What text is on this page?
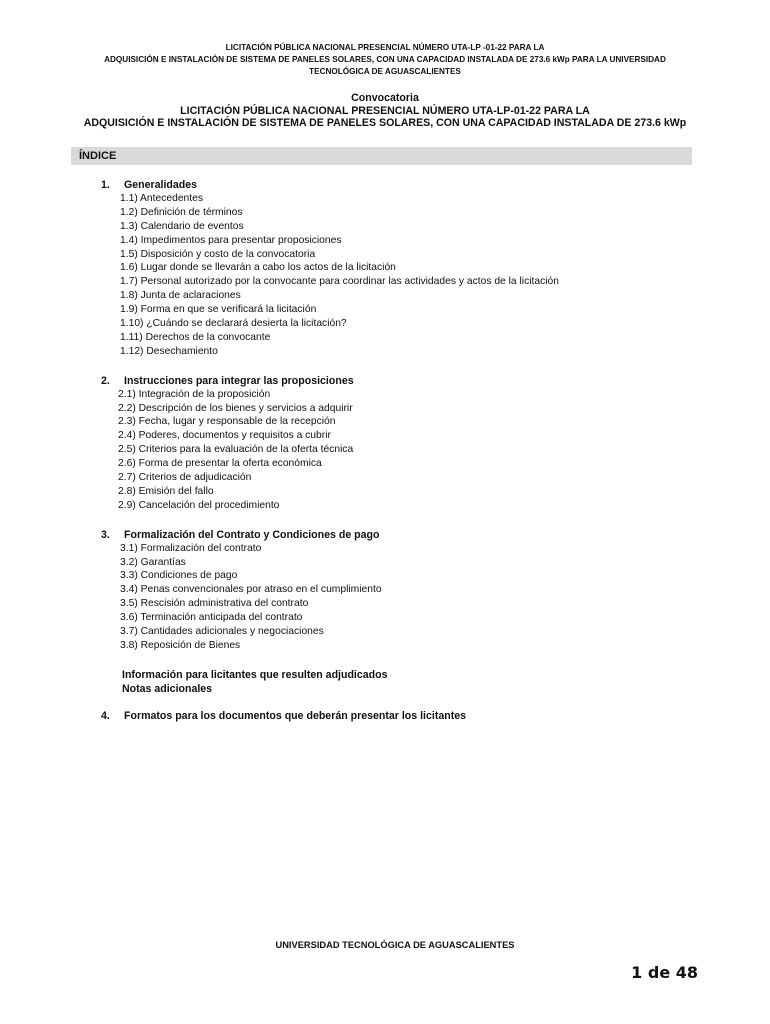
LICITACIÓN PÚBLICA NACIONAL PRESENCIAL NÚMERO UTA-LP -01-22 PARA LA
ADQUISICIÓN E INSTALACIÓN DE SISTEMA DE PANELES SOLARES, CON UNA CAPACIDAD INSTALADA DE 273.6 kWp PARA LA UNIVERSIDAD
TECNOLÓGICA DE AGUASCALIENTES
Convocatoria
LICITACIÓN PÚBLICA NACIONAL PRESENCIAL NÚMERO UTA-LP-01-22 PARA LA
ADQUISICIÓN E INSTALACIÓN DE SISTEMA DE PANELES SOLARES, CON UNA CAPACIDAD INSTALADA DE 273.6 kWp
ÍNDICE
1. Generalidades
1.1) Antecedentes
1.2) Definición de términos
1.3) Calendario de eventos
1.4) Impedimentos para presentar proposiciones
1.5) Disposición y costo de la convocatoria
1.6) Lugar donde se llevarán a cabo los actos de la licitación
1.7) Personal autorizado por la convocante para coordinar las actividades y actos de la licitación
1.8) Junta de aclaraciones
1.9) Forma en que se verificará la licitación
1.10) ¿Cuándo se declarará desierta la licitación?
1.11) Derechos de la convocante
1.12) Desechamiento
2. Instrucciones para integrar las proposiciones
2.1) Integración de la proposición
2.2) Descripción de los bienes y servicios a adquirir
2.3) Fecha, lugar y responsable de la recepción
2.4) Poderes, documentos y requisitos a cubrir
2.5) Criterios para la evaluación de la oferta técnica
2.6) Forma de presentar la oferta económica
2.7) Criterios de adjudicación
2.8) Emisión del fallo
2.9) Cancelación del procedimiento
3. Formalización del Contrato y Condiciones de pago
3.1) Formalización del contrato
3.2) Garantías
3.3) Condiciones de pago
3.4) Penas convencionales por atraso en el cumplimiento
3.5) Rescisión administrativa del contrato
3.6) Terminación anticipada del contrato
3.7) Cantidades adicionales y negociaciones
3.8) Reposición de Bienes
Información para licitantes que resulten adjudicados
Notas adicionales
4. Formatos para los documentos que deberán presentar los licitantes
UNIVERSIDAD TECNOLÓGICA DE AGUASCALIENTES
1 de 48
